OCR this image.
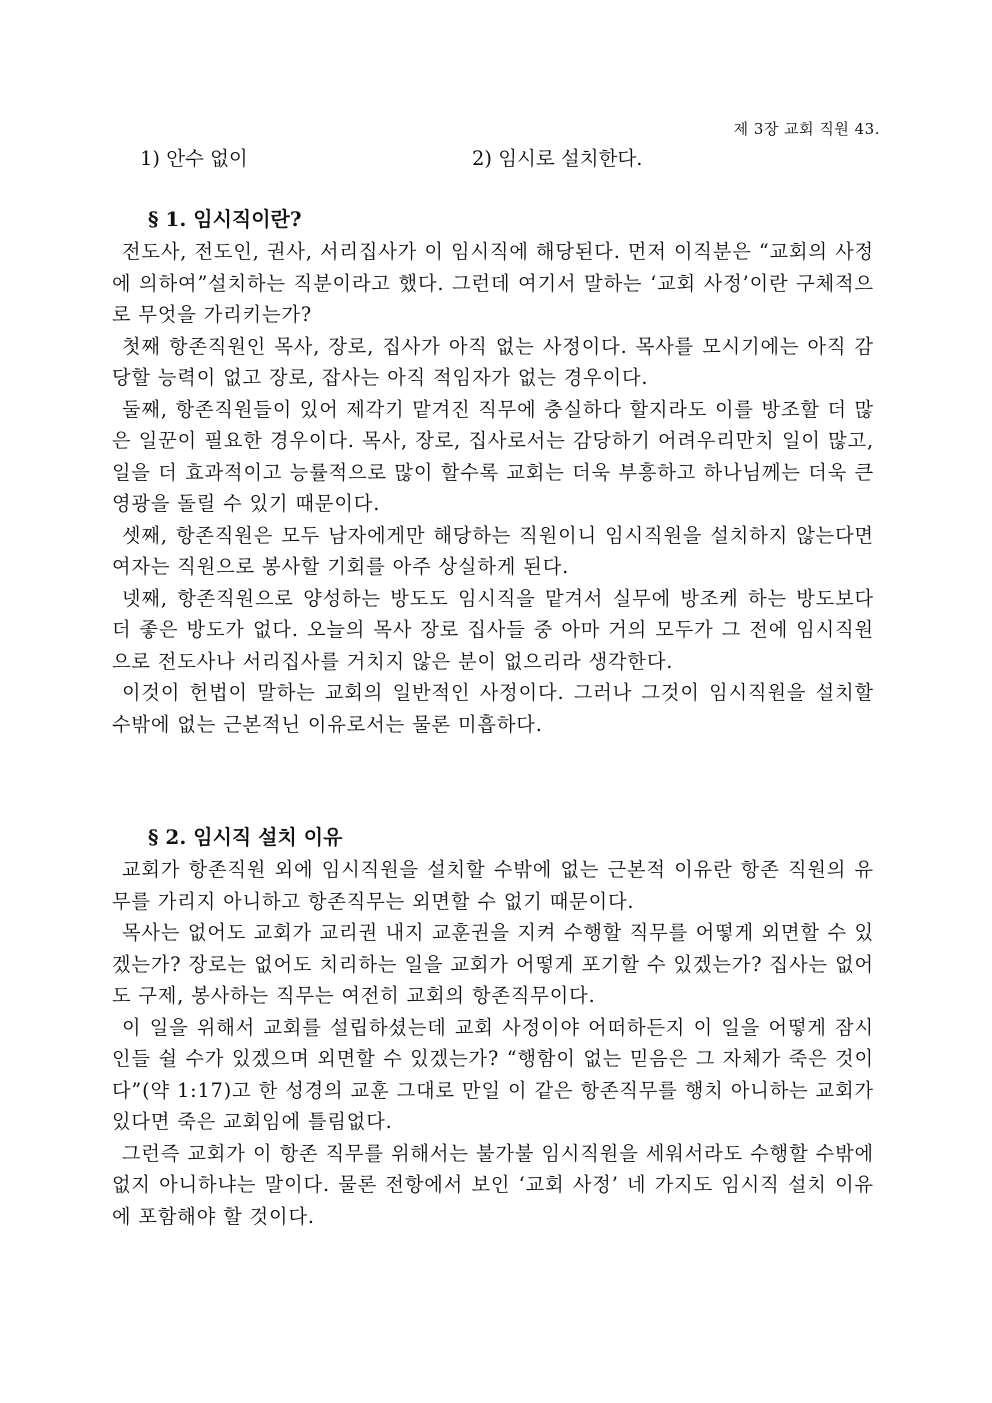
제 3장 교회 직원 43.
1) 안수 없이	2) 임시로 설치한다.
§ 1. 임시직이란?

전도사, 전도인, 권사, 서리집사가 이 임시직에 해당된다. 먼저 이직분은 “교회의 사정에 의하여”설치하는 직분이라고 했다. 그런데 여기서 말하는 ‘교회 사정’이란 구체적으로 무엇을 가리키는가?

첫째 항존직원인 목사, 장로, 집사가 아직 없는 사정이다. 목사를 모시기에는 아직 감당할 능력이 없고 장로, 잡사는 아직 적임자가 없는 경우이다.

둘째, 항존직원들이 있어 제각기 맡겨진 직무에 충실하다 할지라도 이를 방조할 더 많은 일꾼이 필요한 경우이다. 목사, 장로, 집사로서는 감당하기 어려우리만치 일이 많고, 일을 더 효과적이고 능률적으로 많이 할수록 교회는 더욱 부흥하고 하나님께는 더욱 큰 영광을 돌릴 수 있기 때문이다.

셋째, 항존직원은 모두 남자에게만 해당하는 직원이니 임시직원을 설치하지 않는다면 여자는 직원으로 봉사할 기회를 아주 상실하게 된다.

넷째, 항존직원으로 양성하는 방도도 임시직을 맡겨서 실무에 방조케 하는 방도보다 더 좋은 방도가 없다. 오늘의 목사 장로 집사들 중 아마 거의 모두가 그 전에 임시직원으로 전도사나 서리집사를 거치지 않은 분이 없으리라 생각한다.

이것이 헌법이 말하는 교회의 일반적인 사정이다. 그러나 그것이 임시직원을 설치할 수밖에 없는 근본적닌 이유로서는 물론 미흡하다.

§ 2. 임시직 설치 이유

교회가 항존직원 외에 임시직원을 설치할 수밖에 없는 근본적 이유란 항존 직원의 유무를 가리지 아니하고 항존직무는 외면할 수 없기 때문이다.

목사는 없어도 교회가 교리권 내지 교훈권을 지켜 수행할 직무를 어떻게 외면할 수 있겠는가? 장로는 없어도 치리하는 일을 교회가 어떻게 포기할 수 있겠는가? 집사는 없어도 구제, 봉사하는 직무는 여전히 교회의 항존직무이다.

이 일을 위해서 교회를 설립하셨는데 교회 사정이야 어떠하든지 이 일을 어떻게 잠시인들 쉴 수가 있겠으며 외면할 수 있겠는가? “행함이 없는 믿음은 그 자체가 죽은 것이다”(약 1:17)고 한 성경의 교훈 그대로 만일 이 같은 항존직무를 행치 아니하는 교회가 있다면 죽은 교회임에 틀림없다.

그런즉 교회가 이 항존 직무를 위해서는 불가불 임시직원을 세워서라도 수행할 수밖에 없지 아니하냐는 말이다. 물론 전항에서 보인 ‘교회 사정’ 네 가지도 임시직 설치 이유에 포함해야 할 것이다.
